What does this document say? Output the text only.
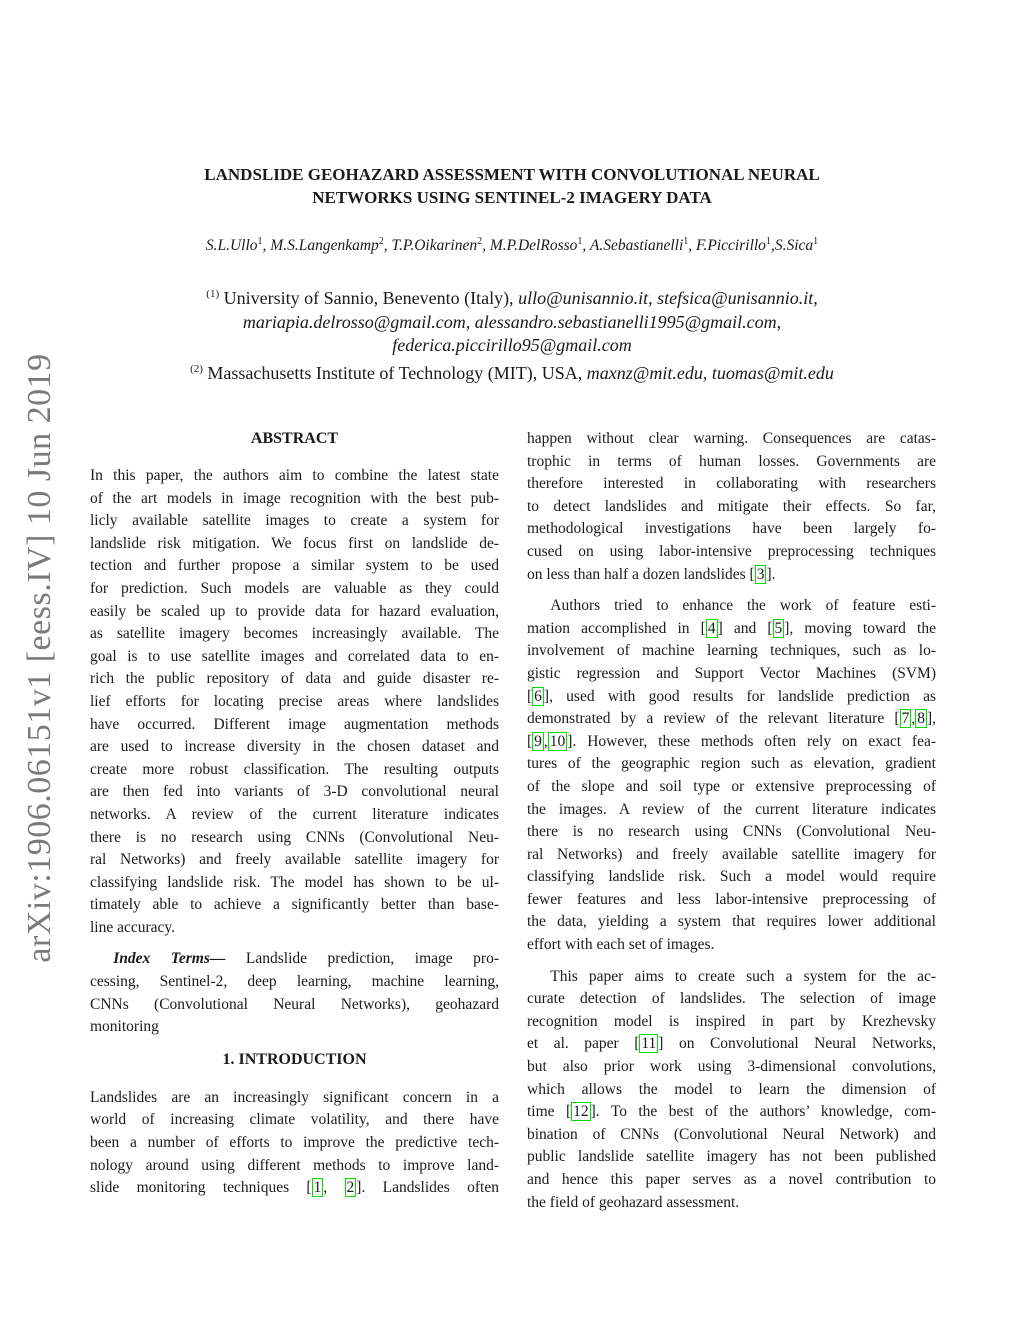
arXiv:1906.06151v1 [eess.IV] 10 Jun 2019
LANDSLIDE GEOHAZARD ASSESSMENT WITH CONVOLUTIONAL NEURAL
NETWORKS USING SENTINEL-2 IMAGERY DATA
S.L.Ullo$^1$, M.S.Langenkamp$^2$, T.P.Oikarinen$^2$, M.P.DelRosso$^1$, A.Sebastianelli$^1$, F.Piccirillo$^1$,S.Sica$^1$
$^{(1)}$ University of Sannio, Benevento (Italy), ullo@unisannio.it, stefsica@unisannio.it,
mariapia.delrosso@gmail.com, alessandro.sebastianelli1995@gmail.com,
federica.piccirillo95@gmail.com
$^{(2)}$ Massachusetts Institute of Technology (MIT), USA, maxnz@mit.edu, tuomas@mit.edu
ABSTRACT
In this paper, the authors aim to combine the latest state
of the art models in image recognition with the best pub-
licly available satellite images to create a system for
landslide risk mitigation. We focus first on landslide de-
tection and further propose a similar system to be used
for prediction. Such models are valuable as they could
easily be scaled up to provide data for hazard evaluation,
as satellite imagery becomes increasingly available. The
goal is to use satellite images and correlated data to en-
rich the public repository of data and guide disaster re-
lief efforts for locating precise areas where landslides
have occurred. Different image augmentation methods
are used to increase diversity in the chosen dataset and
create more robust classification. The resulting outputs
are then fed into variants of 3-D convolutional neural
networks. A review of the current literature indicates
there is no research using CNNs (Convolutional Neu-
ral Networks) and freely available satellite imagery for
classifying landslide risk. The model has shown to be ul-
timately able to achieve a significantly better than base-
line accuracy.
  Index Terms— Landslide prediction, image pro-
cessing, Sentinel-2, deep learning, machine learning,
CNNs (Convolutional Neural Networks), geohazard
monitoring
1. INTRODUCTION
Landslides are an increasingly significant concern in a
world of increasing climate volatility, and there have
been a number of efforts to improve the predictive tech-
nology around using different methods to improve land-
slide monitoring techniques [ 1 , 2 ]. Landslides often
happen without clear warning. Consequences are catas-
trophic in terms of human losses. Governments are
therefore interested in collaborating with researchers
to detect landslides and mitigate their effects. So far,
methodological investigations have been largely fo-
cused on using labor-intensive preprocessing techniques
on less than half a dozen landslides [ 3 ].
  Authors tried to enhance the work of feature esti-
mation accomplished in [ 4 ] and [ 5 ], moving toward the
involvement of machine learning techniques, such as lo-
gistic regression and Support Vector Machines (SVM)
[ 6 ], used with good results for landslide prediction as
demonstrated by a review of the relevant literature [ 7 , 8 ],
[ 9 , 10 ]. However, these methods often rely on exact fea-
tures of the geographic region such as elevation, gradient
of the slope and soil type or extensive preprocessing of
the images. A review of the current literature indicates
there is no research using CNNs (Convolutional Neu-
ral Networks) and freely available satellite imagery for
classifying landslide risk. Such a model would require
fewer features and less labor-intensive preprocessing of
the data, yielding a system that requires lower additional
effort with each set of images.
  This paper aims to create such a system for the ac-
curate detection of landslides. The selection of image
recognition model is inspired in part by Krezhevsky
et al. paper [ 11 ] on Convolutional Neural Networks,
but also prior work using 3-dimensional convolutions,
which allows the model to learn the dimension of
time [ 12 ]. To the best of the authors’ knowledge, com-
bination of CNNs (Convolutional Neural Network) and
public landslide satellite imagery has not been published
and hence this paper serves as a novel contribution to
the field of geohazard assessment.
